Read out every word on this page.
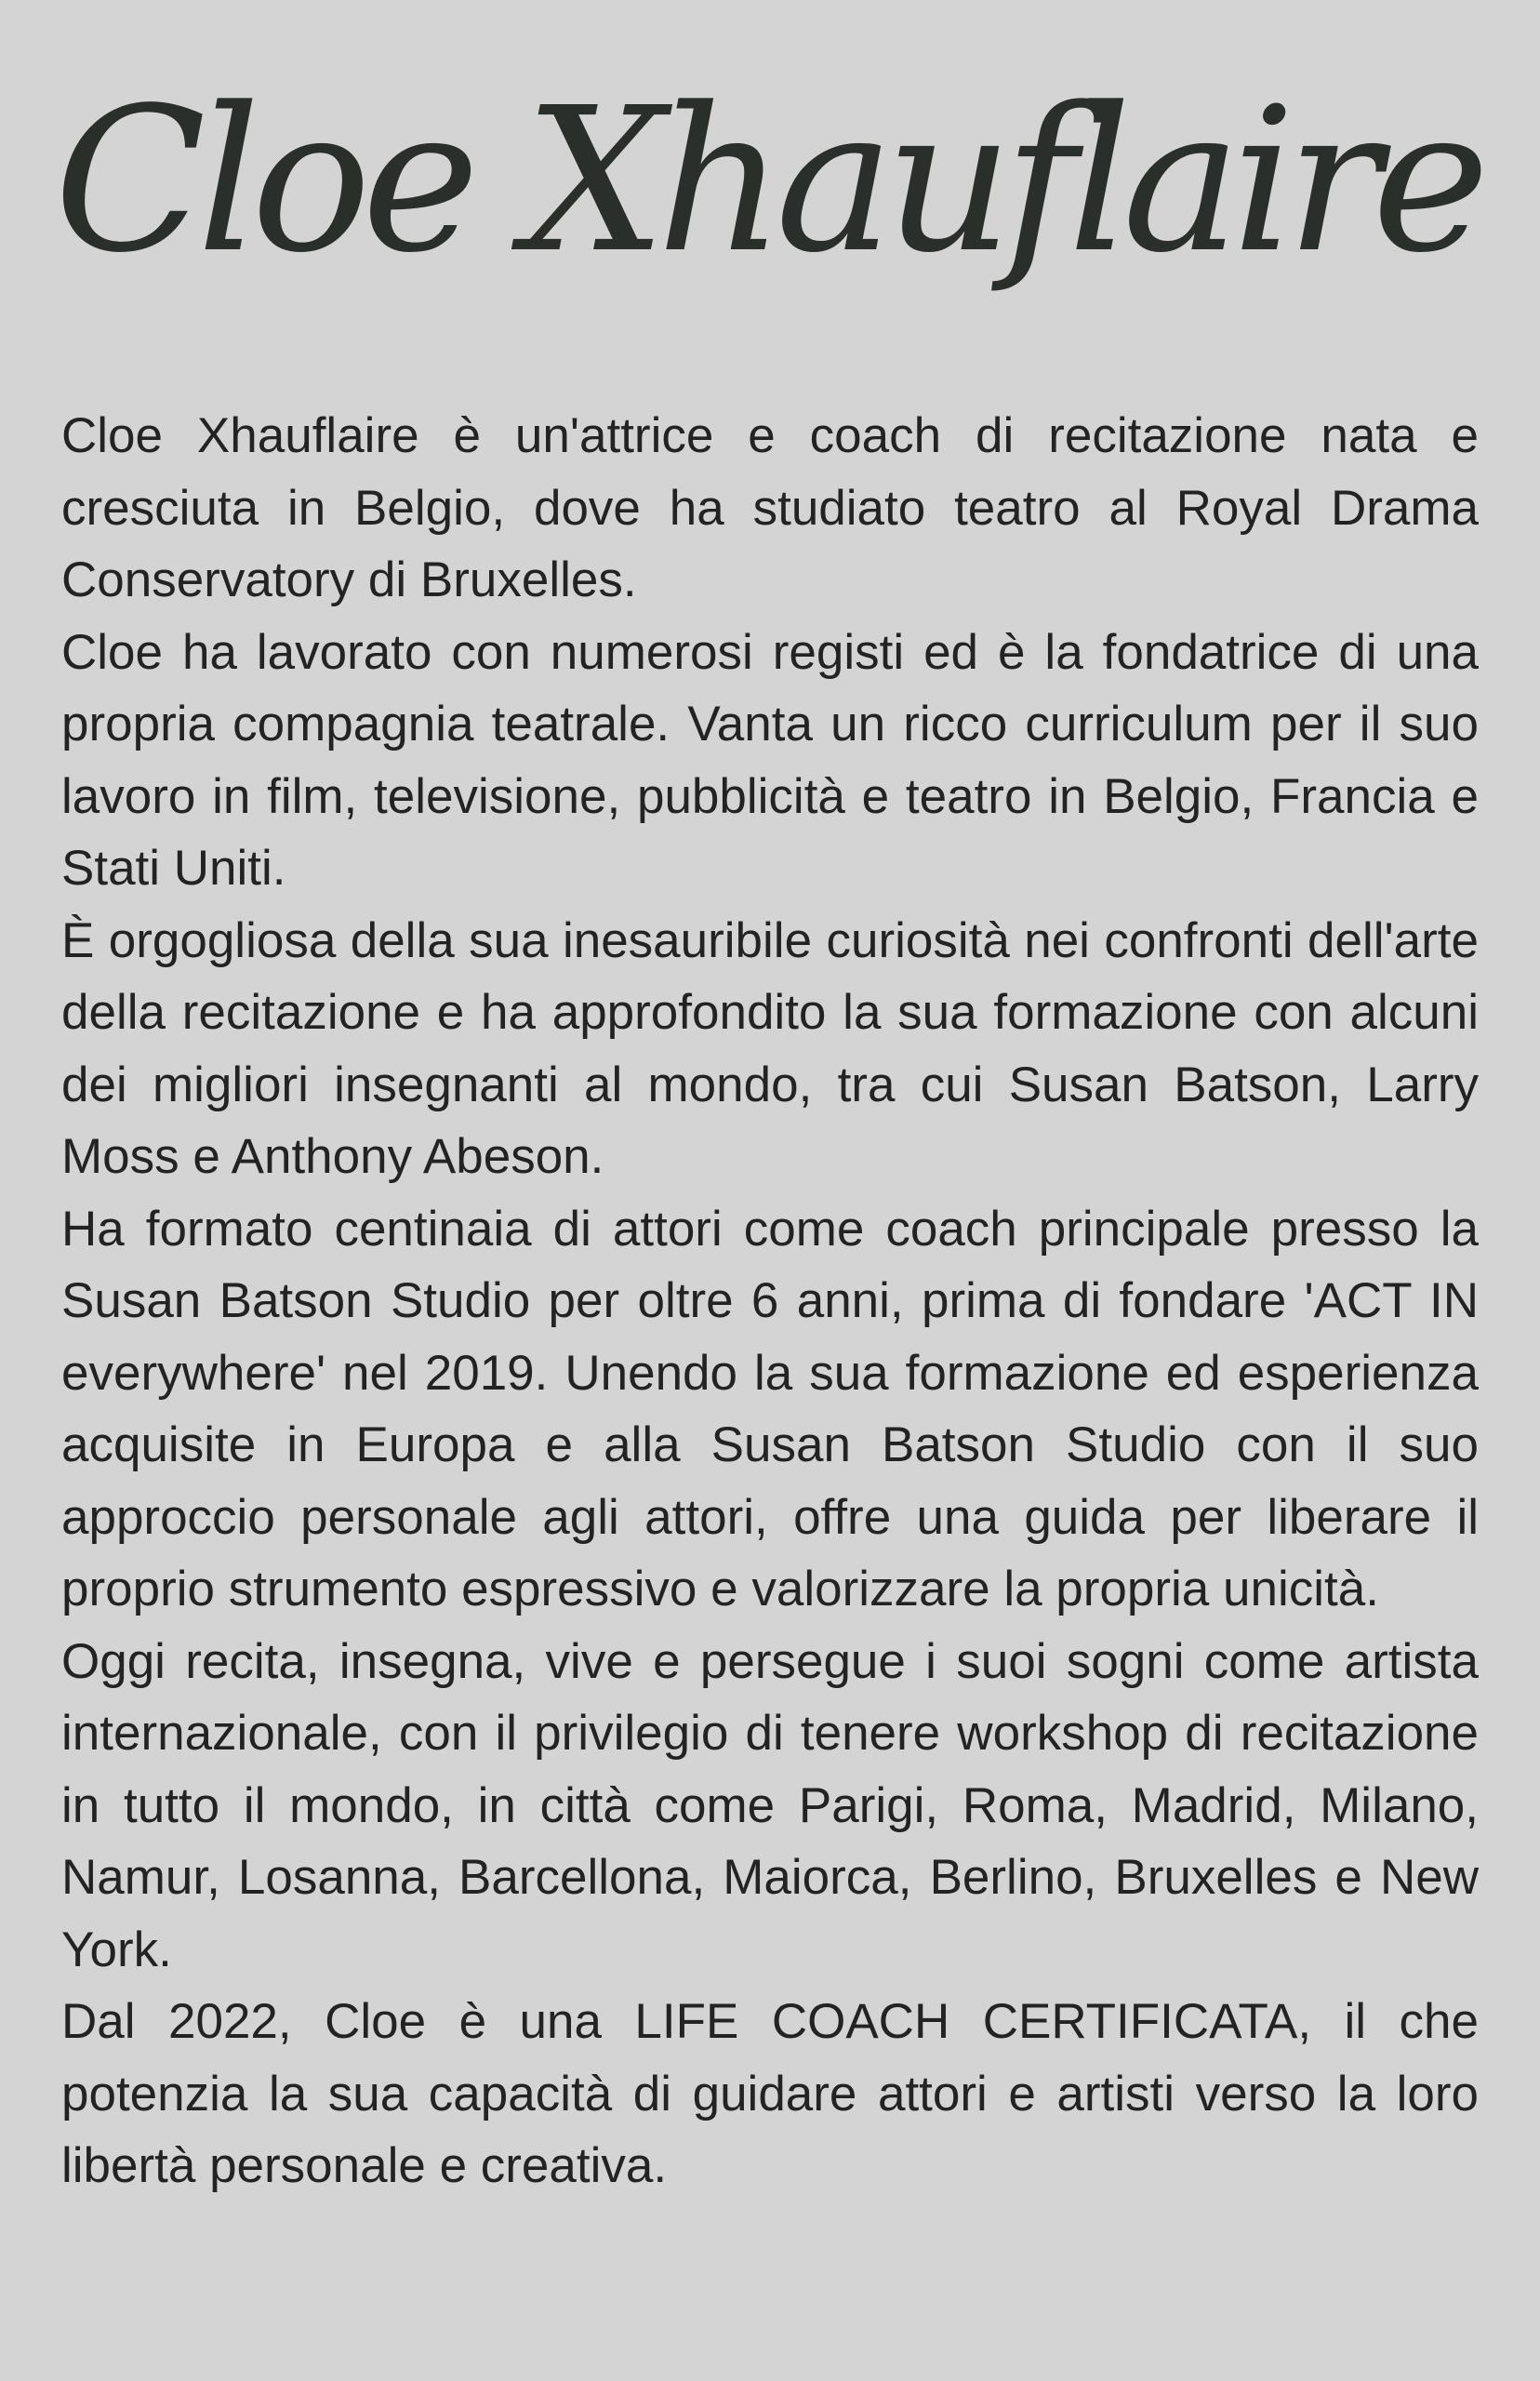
Cloe Xhauflaire

Cloe Xhauflaire è un'attrice e coach di recitazione nata e cresciuta in Belgio, dove ha studiato teatro al Royal Drama Conservatory di Bruxelles.

Cloe ha lavorato con numerosi registi ed è la fondatrice di una propria compagnia teatrale. Vanta un ricco curriculum per il suo lavoro in film, televisione, pubblicità e teatro in Belgio, Francia e Stati Uniti.

È orgogliosa della sua inesauribile curiosità nei confronti dell'arte della recitazione e ha approfondito la sua formazione con alcuni dei migliori insegnanti al mondo, tra cui Susan Batson, Larry Moss e Anthony Abeson.

Ha formato centinaia di attori come coach principale presso la Susan Batson Studio per oltre 6 anni, prima di fondare 'ACT IN everywhere' nel 2019. Unendo la sua formazione ed esperienza acquisite in Europa e alla Susan Batson Studio con il suo approccio personale agli attori, offre una guida per liberare il proprio strumento espressivo e valorizzare la propria unicità.

Oggi recita, insegna, vive e persegue i suoi sogni come artista internazionale, con il privilegio di tenere workshop di recitazione in tutto il mondo, in città come Parigi, Roma, Madrid, Milano, Namur, Losanna, Barcellona, Maiorca, Berlino, Bruxelles e New York.

Dal 2022, Cloe è una LIFE COACH CERTIFICATA, il che potenzia la sua capacità di guidare attori e artisti verso la loro libertà personale e creativa.
